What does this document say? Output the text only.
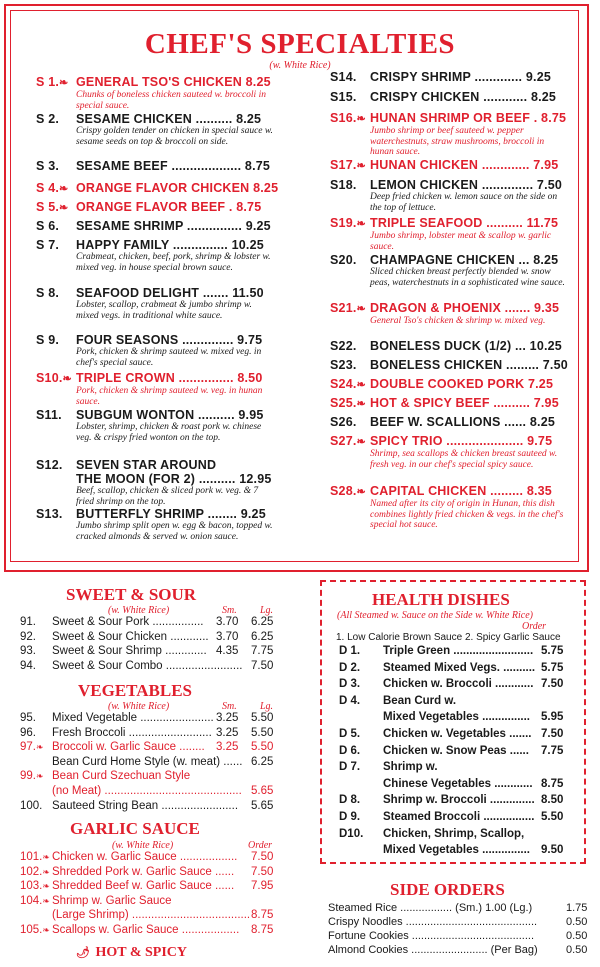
CHEF'S SPECIALTIES
(w. White Rice)
S 1.❧ GENERAL TSO'S CHICKEN 8.25
Chunks of boneless chicken sauteed w. broccoli in special sauce.
S 2. SESAME CHICKEN .......... 8.25
Crispy golden tender on chicken in special sauce w. sesame seeds on top & broccoli on side.
S 3. SESAME BEEF ................... 8.75
S 4.❧ ORANGE FLAVOR CHICKEN 8.25
S 5.❧ ORANGE FLAVOR BEEF . 8.75
S 6. SESAME SHRIMP ............... 9.25
S 7. HAPPY FAMILY ............... 10.25
Crabmeat, chicken, beef, pork, shrimp & lobster w. mixed veg. in house special brown sauce.
S 8. SEAFOOD DELIGHT ....... 11.50
Lobster, scallop, crabmeat & jumbo shrimp w. mixed vegs. in traditional white sauce.
S 9. FOUR SEASONS .............. 9.75
Pork, chicken & shrimp sauteed w. mixed veg. in chef's special sauce.
S10.❧ TRIPLE CROWN ............... 8.50
Pork, chicken & shrimp sauteed w. veg. in hunan sauce.
S11. SUBGUM WONTON .......... 9.95
Lobster, shrimp, chicken & roast pork w. chinese veg. & crispy fried wonton on the top.
S12. SEVEN STAR AROUND
THE MOON (FOR 2) .......... 12.95
Beef, scallop, chicken & sliced pork w. veg. & 7 fried shrimp on the top.
S13. BUTTERFLY SHRIMP ........ 9.25
Jumbo shrimp split open w. egg & bacon, topped w. cracked almonds & served w. onion sauce.
S14. CRISPY SHRIMP ............. 9.25
S15. CRISPY CHICKEN ............ 8.25
S16.❧ HUNAN SHRIMP OR BEEF . 8.75
Jumbo shrimp or beef sauteed w. pepper waterchestnuts, straw mushrooms, broccoli in hunan sauce.
S17.❧ HUNAN CHICKEN ............. 7.95
S18. LEMON CHICKEN .............. 7.50
Deep fried chicken w. lemon sauce on the side on the top of lettuce.
S19.❧ TRIPLE SEAFOOD .......... 11.75
Jumbo shrimp, lobster meat & scallop w. garlic sauce.
S20. CHAMPAGNE CHICKEN ... 8.25
Sliced chicken breast perfectly blended w. snow peas, waterchestnuts in a sophisticated wine sauce.
S21.❧ DRAGON & PHOENIX ....... 9.35
General Tso's chicken & shrimp w. mixed veg.
S22. BONELESS DUCK (1/2) ... 10.25
S23. BONELESS CHICKEN ......... 7.50
S24.❧ DOUBLE COOKED PORK 7.25
S25.❧ HOT & SPICY BEEF .......... 7.95
S26. BEEF W. SCALLIONS ...... 8.25
S27.❧ SPICY TRIO ..................... 9.75
Shrimp, sea scallops & chicken breast sauteed w. fresh veg. in our chef's special spicy sauce.
S28.❧ CAPITAL CHICKEN ......... 8.35
Named after its city of origin in Hunan, this dish combines lightly fried chicken & vegs. in the chef's special hot sauce.
SWEET & SOUR
(w. White Rice)	Sm. Lg.
91. Sweet & Sour Pork ................ 3.70 6.25
92. Sweet & Sour Chicken ............ 3.70 6.25
93. Sweet & Sour Shrimp ............. 4.35 7.75
94. Sweet & Sour Combo ........................ 7.50
VEGETABLES
(w. White Rice)	Sm. Lg.
95. Mixed Vegetable ....................... 3.25 5.50
96. Fresh Broccoli .......................... 3.25 5.50
97.❧ Broccoli w. Garlic Sauce ........ 3.25 5.50
Bean Curd Home Style (w. meat) ...... 6.25
99.❧ Bean Curd Szechuan Style
(no Meat) ........................................... 5.65
100. Sauteed String Bean ........................ 5.65
GARLIC SAUCE
(w. White Rice)	Order
101.❧ Chicken w. Garlic Sauce .................. 7.50
102.❧ Shredded Pork w. Garlic Sauce ...... 7.50
103.❧ Shredded Beef w. Garlic Sauce ...... 7.95
104.❧ Shrimp w. Garlic Sauce
(Large Shrimp) ..................................... 8.75
105.❧ Scallops w. Garlic Sauce .................. 8.75
🌶 HOT & SPICY
HEALTH DISHES
(All Steamed w. Sauce on the Side w. White Rice)
Order
1. Low Calorie Brown Sauce 2. Spicy Garlic Sauce
D 1. Triple Green ......................... 5.75
D 2. Steamed Mixed Vegs. .......... 5.75
D 3. Chicken w. Broccoli ............ 7.50
D 4. Bean Curd w.
Mixed Vegetables ............... 5.95
D 5. Chicken w. Vegetables ....... 7.50
D 6. Chicken w. Snow Peas ...... 7.75
D 7. Shrimp w.
Chinese Vegetables ............ 8.75
D 8. Shrimp w. Broccoli .............. 8.50
D 9. Steamed Broccoli ................ 5.50
D10. Chicken, Shrimp, Scallop,
Mixed Vegetables ............... 9.50
SIDE ORDERS
Steamed Rice ................. (Sm.) 1.00 (Lg.)	1.75
Crispy Noodles ...........................................	0.50
Fortune Cookies ........................................	0.50
Almond Cookies ......................... (Per Bag)	0.50
